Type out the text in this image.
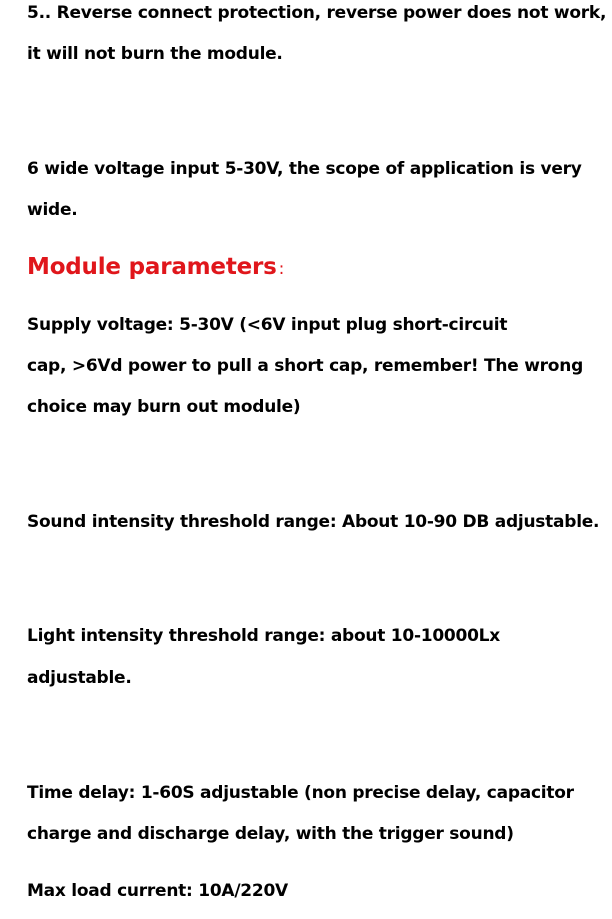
5.. Reverse connect protection, reverse power does not work,

it will not burn the module.

6 wide voltage input 5-30V, the scope of application is very

wide.

Module parameters :

Supply voltage: 5-30V (<6V input plug short-circuit

cap, >6Vd power to pull a short cap, remember! The wrong

choice may burn out module)

Sound intensity threshold range: About 10-90 DB adjustable.

Light intensity threshold range: about 10-10000Lx

adjustable.

Time delay: 1-60S adjustable (non precise delay, capacitor

charge and discharge delay, with the trigger sound)

Max load current: 10A/220V
